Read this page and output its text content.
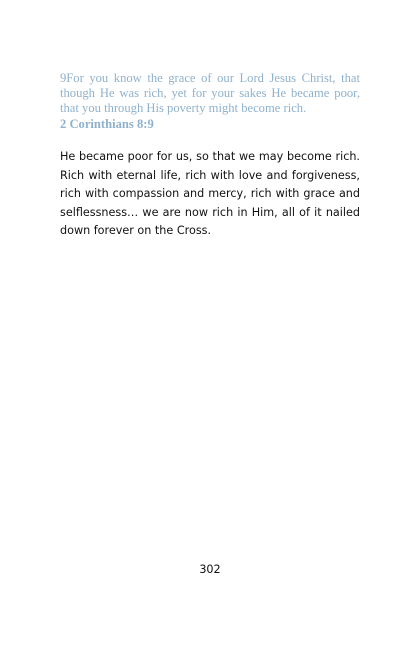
9For you know the grace of our Lord Jesus Christ, that though He was rich, yet for your sakes He became poor, that you through His poverty might become rich.

2 Corinthians 8:9

He became poor for us, so that we may become rich. Rich with eternal life, rich with love and forgiveness, rich with compassion and mercy, rich with grace and selflessness… we are now rich in Him, all of it nailed down forever on the Cross.

302
